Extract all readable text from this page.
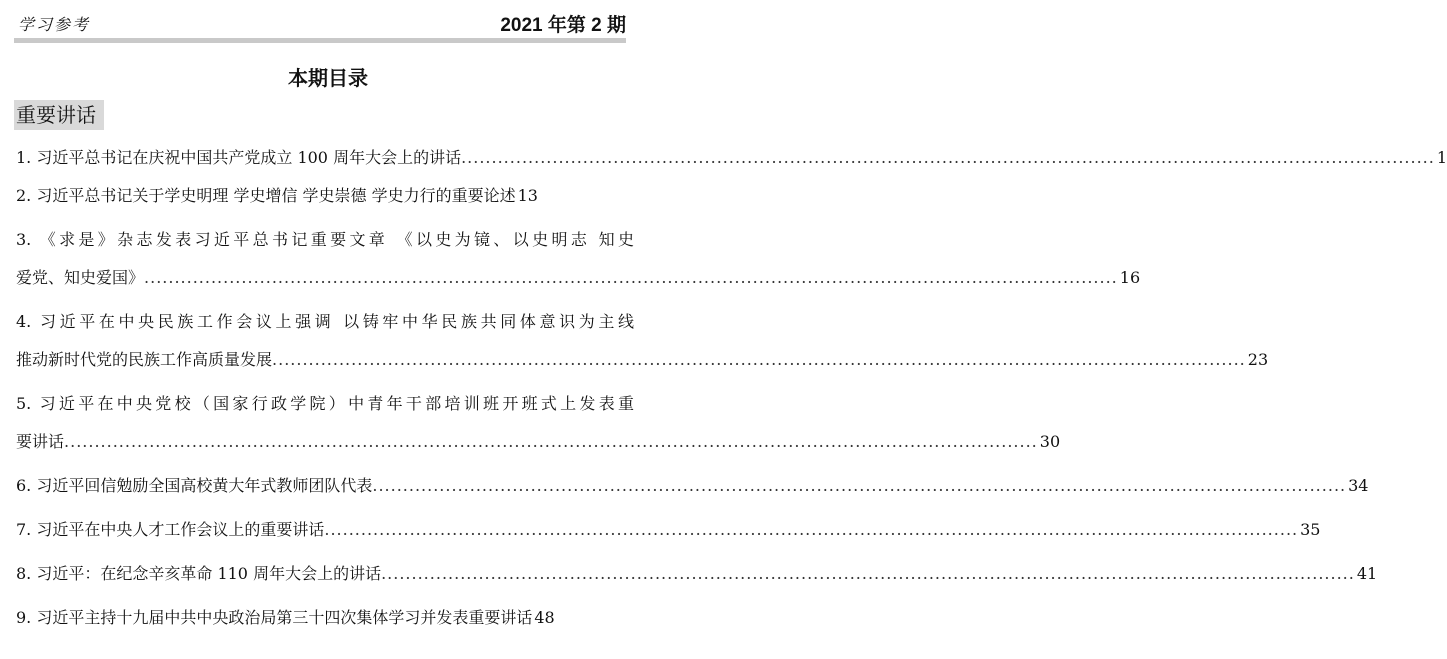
学习参考	2021 年第 2 期
本期目录
重要讲话
1. 习近平总书记在庆祝中国共产党成立 100 周年大会上的讲话 .....	1
2. 习近平总书记关于学史明理 学史增信 学史崇德 学史力行的重要论述 13
3. 《求是》杂志发表习近平总书记重要文章 《以史为镜、以史明志 知史
爱党、知史爱国》 .....	16
4. 习近平在中央民族工作会议上强调 以铸牢中华民族共同体意识为主线
推动新时代党的民族工作高质量发展 .....	23
5. 习近平在中央党校（国家行政学院）中青年干部培训班开班式上发表重
要讲话 .....	30
6. 习近平回信勉励全国高校黄大年式教师团队代表 .....	34
7. 习近平在中央人才工作会议上的重要讲话 .....	35
8. 习近平：在纪念辛亥革命 110 周年大会上的讲话 .....	41
9. 习近平主持十九届中共中央政治局第三十四次集体学习并发表重要讲话 48
